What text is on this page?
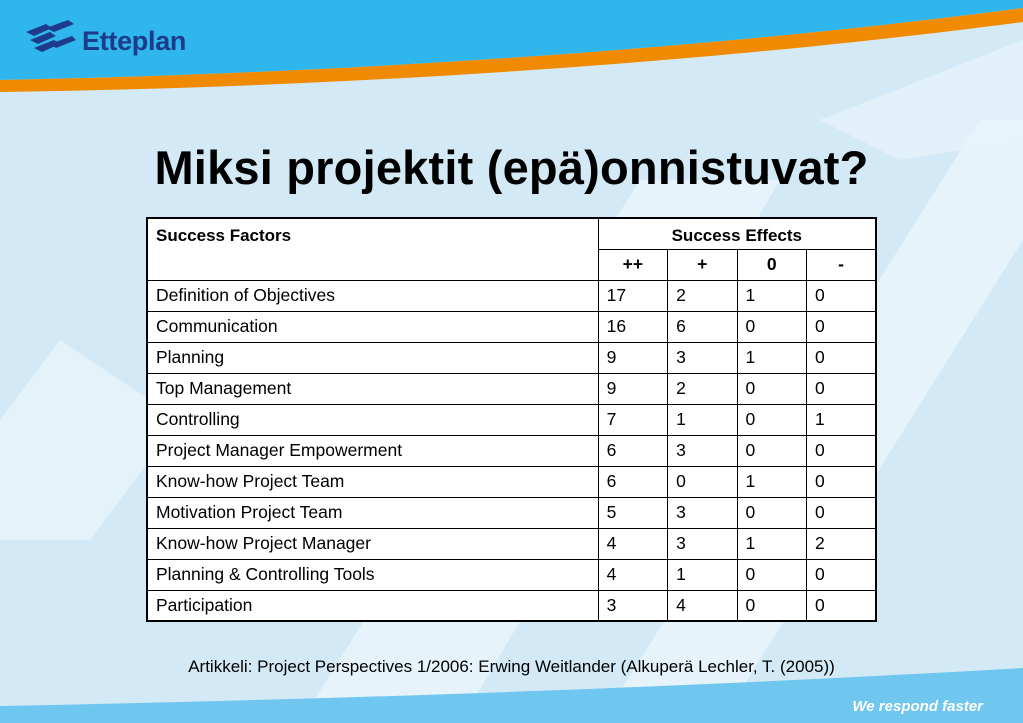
Etteplan
Miksi projektit (epä)onnistuvat?
Success Factors	Success Effects			
	++	+	0	-
Definition of Objectives	17	2	1	0
Communication	16	6	0	0
Planning	9	3	1	0
Top Management	9	2	0	0
Controlling	7	1	0	1
Project Manager Empowerment	6	3	0	0
Know-how Project Team	6	0	1	0
Motivation Project Team	5	3	0	0
Know-how Project Manager	4	3	1	2
Planning & Controlling Tools	4	1	0	0
Participation	3	4	0	0
Artikkeli: Project Perspectives 1/2006: Erwing Weitlander (Alkuperä Lechler, T. (2005))
We respond faster
